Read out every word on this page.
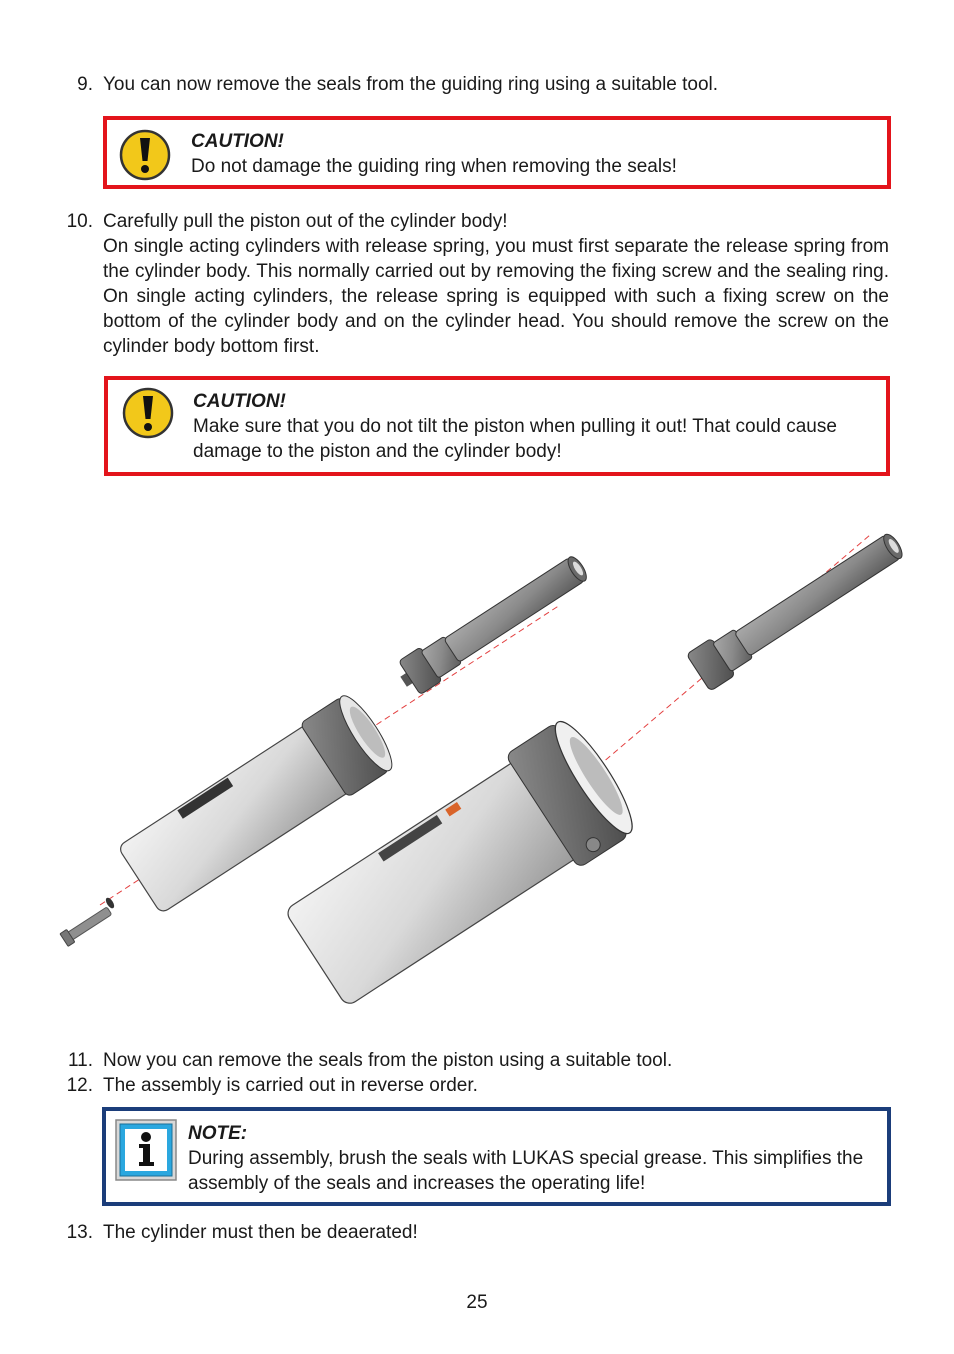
9. You can now remove the seals from the guiding ring using a suitable tool.
CAUTION!
Do not damage the guiding ring when removing the seals!
10. Carefully pull the piston out of the cylinder body!
On single acting cylinders with release spring, you must first separate the release spring from the cylinder body. This normally carried out by removing the fixing screw and the sealing ring. On single acting cylinders, the release spring is equipped with such a fixing screw on the bottom of the cylinder body and on the cylinder head. You should remove the screw on the cylinder body bottom first.
CAUTION!
Make sure that you do not tilt the piston when pulling it out! That could cause damage to the piston and the cylinder body!
11. Now you can remove the seals from the piston using a suitable tool.
12. The assembly is carried out in reverse order.
NOTE:
During assembly, brush the seals with LUKAS special grease. This simplifies the assembly of the seals and increases the operating life!
13. The cylinder must then be deaerated!
25
